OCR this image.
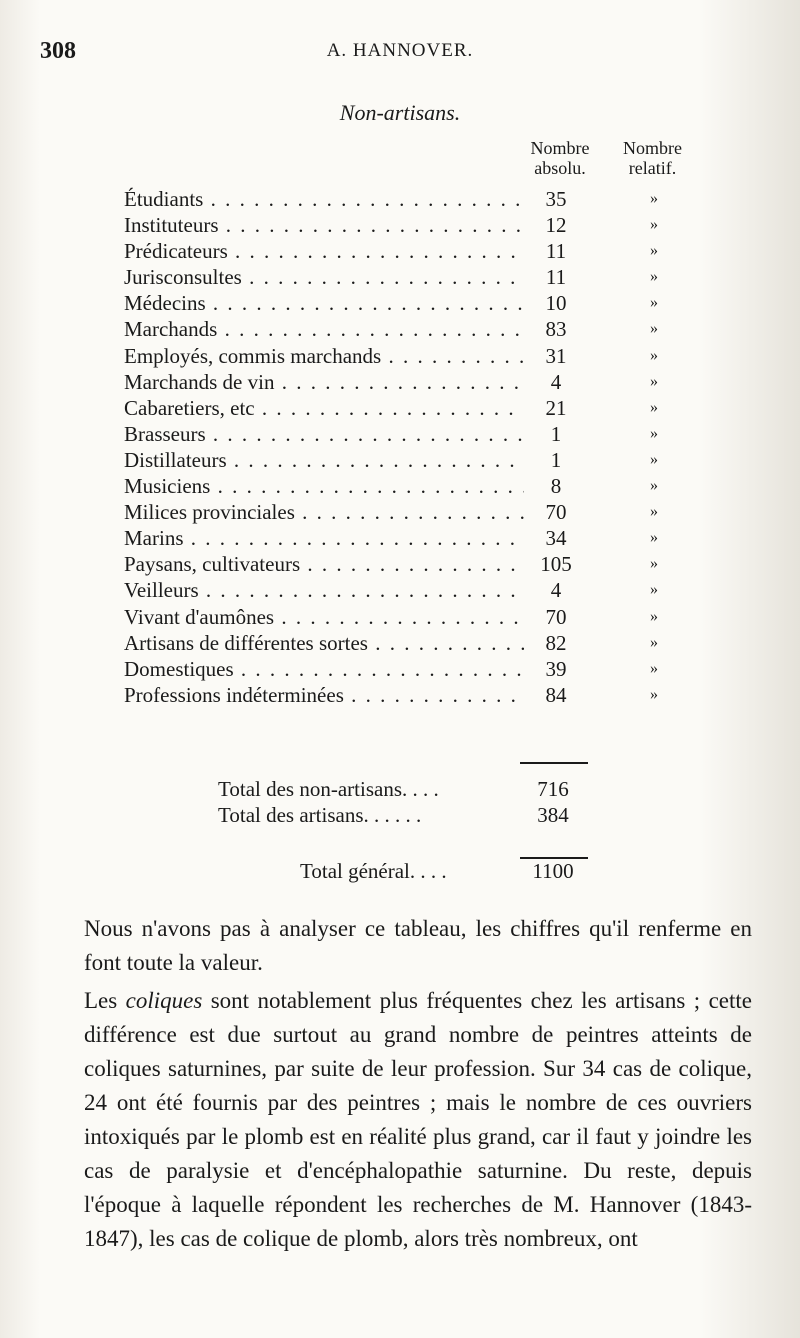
308	A. HANNOVER.
Non-artisans.
Nombre absolu.
Nombre relatif.
Étudiants . . .	35	»
Instituteurs . . .	12	»
Prédicateurs . . .	11	»
Jurisconsultes . . .	11	»
Médecins . . .	10	»
Marchands . . .	83	»
Employés, commis marchands . . .	31	»
Marchands de vin . . .	4	»
Cabaretiers, etc . . .	21	»
Brasseurs . . .	1	»
Distillateurs . . .	1	»
Musiciens . . .	8	»
Milices provinciales . . .	70	»
Marins . . .	34	»
Paysans, cultivateurs . . .	105	»
Veilleurs . . .	4	»
Vivant d'aumônes . . .	70	»
Artisans de différentes sortes . . .	82	»
Domestiques . . .	39	»
Professions indéterminées . . .	84	»
Total des non-artisans. . . .	716
Total des artisans. . . . . .	384
Total général. . . .	1100

Nous n'avons pas à analyser ce tableau, les chiffres qu'il renferme en font toute la valeur.

Les coliques sont notablement plus fréquentes chez les artisans ; cette différence est due surtout au grand nombre de peintres atteints de coliques saturnines, par suite de leur profession. Sur 34 cas de colique, 24 ont été fournis par des peintres ; mais le nombre de ces ouvriers intoxiqués par le plomb est en réalité plus grand, car il faut y joindre les cas de paralysie et d'encéphalopathie saturnine. Du reste, depuis l'époque à laquelle répondent les recherches de M. Hannover (1843-1847), les cas de colique de plomb, alors très nombreux, ont
